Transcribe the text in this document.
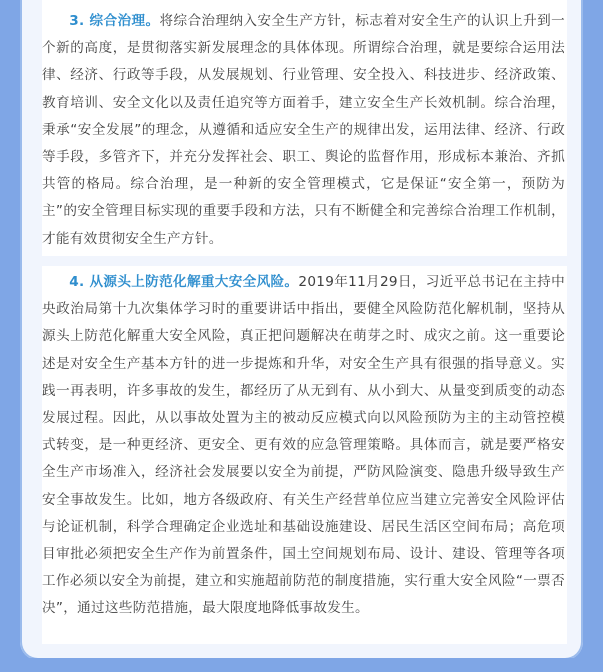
3. 综合治理。将综合治理纳入安全生产方针，标志着对安全生产的认识上升到一个新的高度，是贯彻落实新发展理念的具体体现。所谓综合治理，就是要综合运用法律、经济、行政等手段，从发展规划、行业管理、安全投入、科技进步、经济政策、教育培训、安全文化以及责任追究等方面着手，建立安全生产长效机制。综合治理，秉承“安全发展”的理念，从遵循和适应安全生产的规律出发，运用法律、经济、行政等手段，多管齐下，并充分发挥社会、职工、舆论的监督作用，形成标本兼治、齐抓共管的格局。综合治理，是一种新的安全管理模式，它是保证“安全第一，预防为主”的安全管理目标实现的重要手段和方法，只有不断健全和完善综合治理工作机制，才能有效贯彻安全生产方针。

4. 从源头上防范化解重大安全风险。2019年11月29日，习近平总书记在主持中央政治局第十九次集体学习时的重要讲话中指出，要健全风险防范化解机制，坚持从源头上防范化解重大安全风险，真正把问题解决在萌芽之时、成灾之前。这一重要论述是对安全生产基本方针的进一步提炼和升华，对安全生产具有很强的指导意义。实践一再表明，许多事故的发生，都经历了从无到有、从小到大、从量变到质变的动态发展过程。因此，从以事故处置为主的被动反应模式向以风险预防为主的主动管控模式转变，是一种更经济、更安全、更有效的应急管理策略。具体而言，就是要严格安全生产市场准入，经济社会发展要以安全为前提，严防风险演变、隐患升级导致生产安全事故发生。比如，地方各级政府、有关生产经营单位应当建立完善安全风险评估与论证机制，科学合理确定企业选址和基础设施建设、居民生活区空间布局；高危项目审批必须把安全生产作为前置条件，国土空间规划布局、设计、建设、管理等各项工作必须以安全为前提，建立和实施超前防范的制度措施，实行重大安全风险“一票否决”，通过这些防范措施，最大限度地降低事故发生。
